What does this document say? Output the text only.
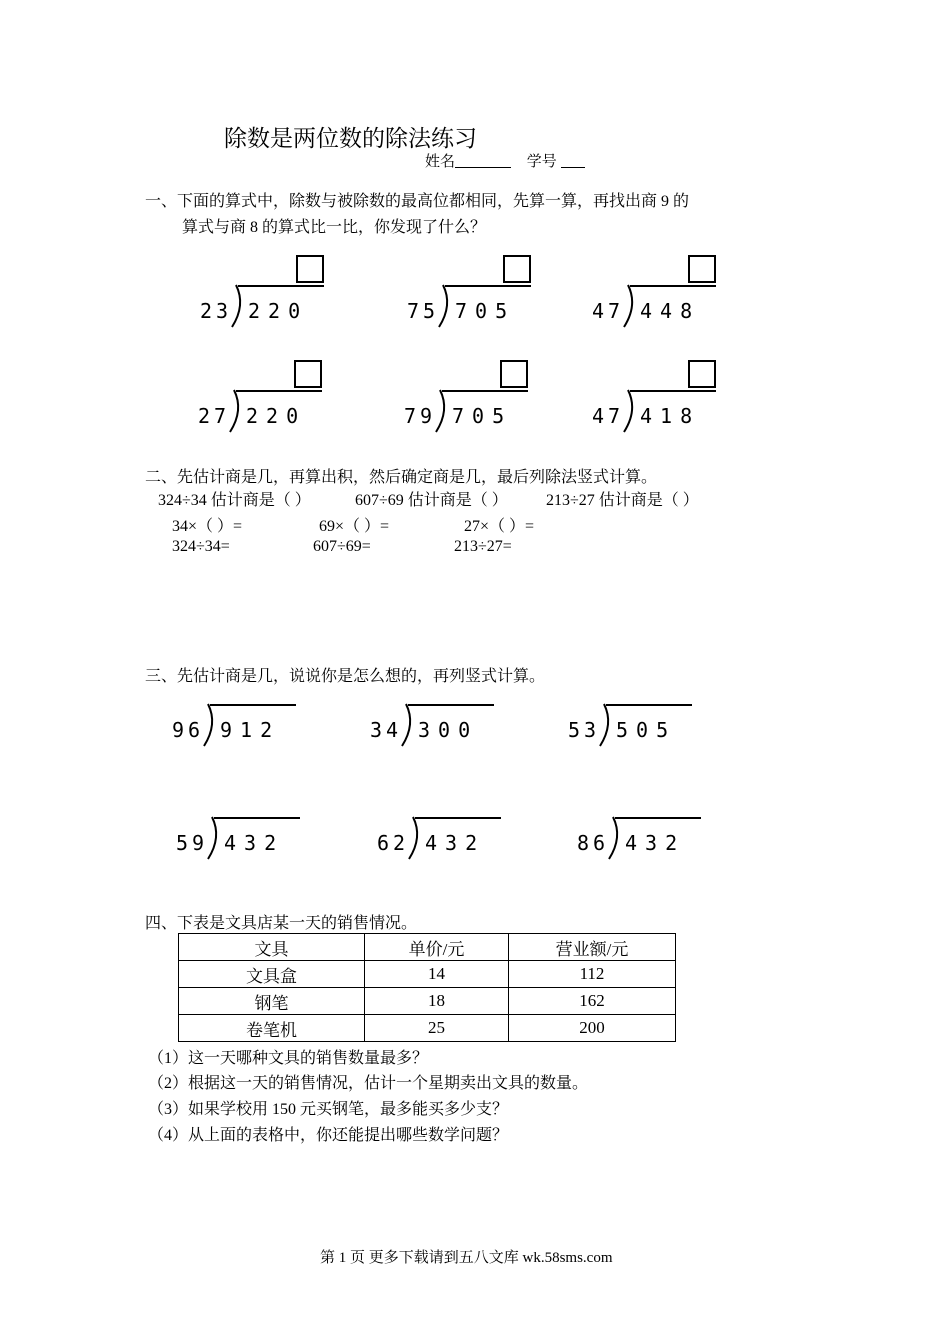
除数是两位数的除法练习
姓名	学号
一、下面的算式中，除数与被除数的最高位都相同，先算一算，再找出商 9 的
算式与商 8 的算式比一比，你发现了什么？
23 220	75 705	47 448
27 220	79 705	47 418
二、先估计商是几，再算出积，然后确定商是几，最后列除法竖式计算。
324÷34 估计商是（ ）	607÷69 估计商是（ ） 213÷27 估计商是（ ）
34×（ ）=	69×（ ）=	27×（ ）=
324÷34=	607÷69=	213÷27=
三、先估计商是几，说说你是怎么想的，再列竖式计算。
96 912	34 300	53 505
59 432	62 432	86 432
四、下表是文具店某一天的销售情况。
文具	单价/元	营业额/元
文具盒	14	112
钢笔	18	162
卷笔机	25	200
（1）这一天哪种文具的销售数量最多？
（2）根据这一天的销售情况，估计一个星期卖出文具的数量。
（3）如果学校用 150 元买钢笔，最多能买多少支？
（4）从上面的表格中，你还能提出哪些数学问题？
第 1 页 更多下载请到五八文库 wk.58sms.com
